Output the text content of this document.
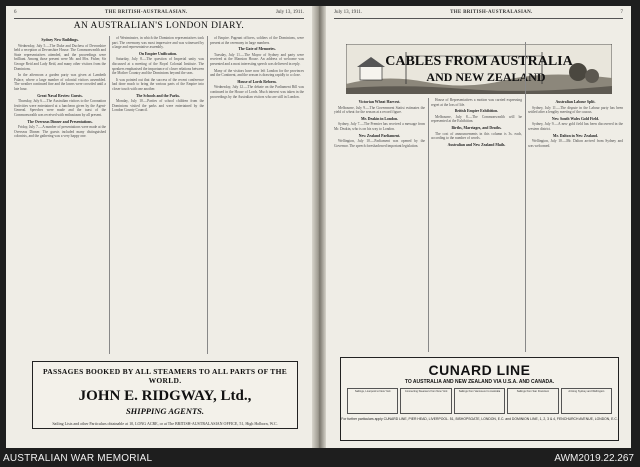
6	THE BRITISH-AUSTRALASIAN.	July 13, 1911.
AN AUSTRALIAN'S LONDON DIARY.
Sydney New Buildings.
Wednesday, July 5.—The Duke and Duchess of Devonshire held a reception at Devonshire House. The Commonwealth and State representatives attended, and the proceedings were brilliant. Among those present were Mr. and Mrs. Fisher, Sir George Reid and Lady Reid, and many other visitors from the Dominions.
In the afternoon a garden party was given at Lambeth Palace, where a large number of colonial visitors assembled. The weather continued fine and the lawns were crowded until a late hour.
Great Naval Review Guests.
Thursday, July 6.—The Australian visitors to the Coronation festivities were entertained at a luncheon given by the Agent-General. Speeches were made and the toast of the Commonwealth was received with enthusiasm by all present.
The Overseas Dinner and Presentations.
Friday, July 7.—A number of presentations were made at the Overseas Dinner. The guests included many distinguished colonists, and the gathering was a very happy one.
of Westminster, in which the Dominion representatives took part. The ceremony was most impressive and was witnessed by a large and representative assembly.
On Empire Unification.
Saturday, July 8.—The question of Imperial unity was discussed at a meeting of the Royal Colonial Institute. The speakers emphasised the importance of closer relations between the Mother Country and the Dominions beyond the seas.
It was pointed out that the success of the recent conference had done much to bring the various parts of the Empire into closer touch with one another.
The Schools and the Parks.
Monday, July 10.—Parties of school children from the Dominions visited the parks and were entertained by the London County Council.
of Empire. Pageant officers, soldiers of the Dominions, were present at the ceremony in large numbers.
The Gate of Memories.
Tuesday, July 11.—The Mayor of Sydney and party were received at the Mansion House. An address of welcome was presented and a most interesting speech was delivered in reply.
Many of the visitors have now left London for the provinces and the Continent, and the season is drawing rapidly to a close.
House of Lords Reform.
Wednesday, July 12.—The debate on the Parliament Bill was continued in the House of Lords. Much interest was taken in the proceedings by the Australian visitors who are still in London.
PASSAGES BOOKED BY ALL STEAMERS TO ALL PARTS OF THE WORLD.
JOHN E. RIDGWAY, Ltd.,
SHIPPING AGENTS.
Sailing Lists and other Particulars obtainable at 10, LONG ACRE, or at The BRITISH-AUSTRALASIAN OFFICE, 51, High Holborn, W.C.
July 13, 1911.	THE BRITISH-AUSTRALASIAN.	7
CABLES FROM AUSTRALIA
AND NEW ZEALAND
Victorian Wheat Harvest.
Melbourne, July 9.—The Government Statist estimates the yield of wheat for the season at a record figure.
Mr. Deakin in London.
Sydney, July 7.—The Premier has received a message from Mr. Deakin, who is on his way to London.
New Zealand Parliament.
Wellington, July 10.—Parliament was opened by the Governor. The speech foreshadowed important legislation.
House of Representatives a motion was carried expressing regret at the loss of life.
British Empire Exhibition.
Melbourne, July 8.—The Commonwealth will be represented at the Exhibition.
Births, Marriages, and Deaths.
The cost of announcements in this column is 3s. each, according to the number of words.
Australian and New Zealand Mails.
Australian Labour Split.
Sydney, July 11.—The dispute in the Labour party has been settled after a lengthy meeting of the caucus.
New South Wales Gold Field.
Sydney, July 9.—A new gold field has been discovered in the western district.
Mr. Dalton in New Zealand.
Wellington, July 10.—Mr. Dalton arrived from Sydney and was welcomed.
CUNARD LINE
TO AUSTRALIA AND NEW ZEALAND VIA U.S.A. AND CANADA.
Sailings, Liverpool to New York	Connecting Steamers from New York	Sailings from Vancouver to Australia	Sailings from San Francisco	Arriving Sydney and Wellington
For further particulars apply CUNARD LINE, PIER HEAD, LIVERPOOL. 51, BISHOPSGATE, LONDON, E.C. and DOMINION LINE, 1, 2, 3 & 4, FENCHURCH AVENUE, LONDON, E.C.
AUSTRALIAN WAR MEMORIAL	AWM2019.22.267
